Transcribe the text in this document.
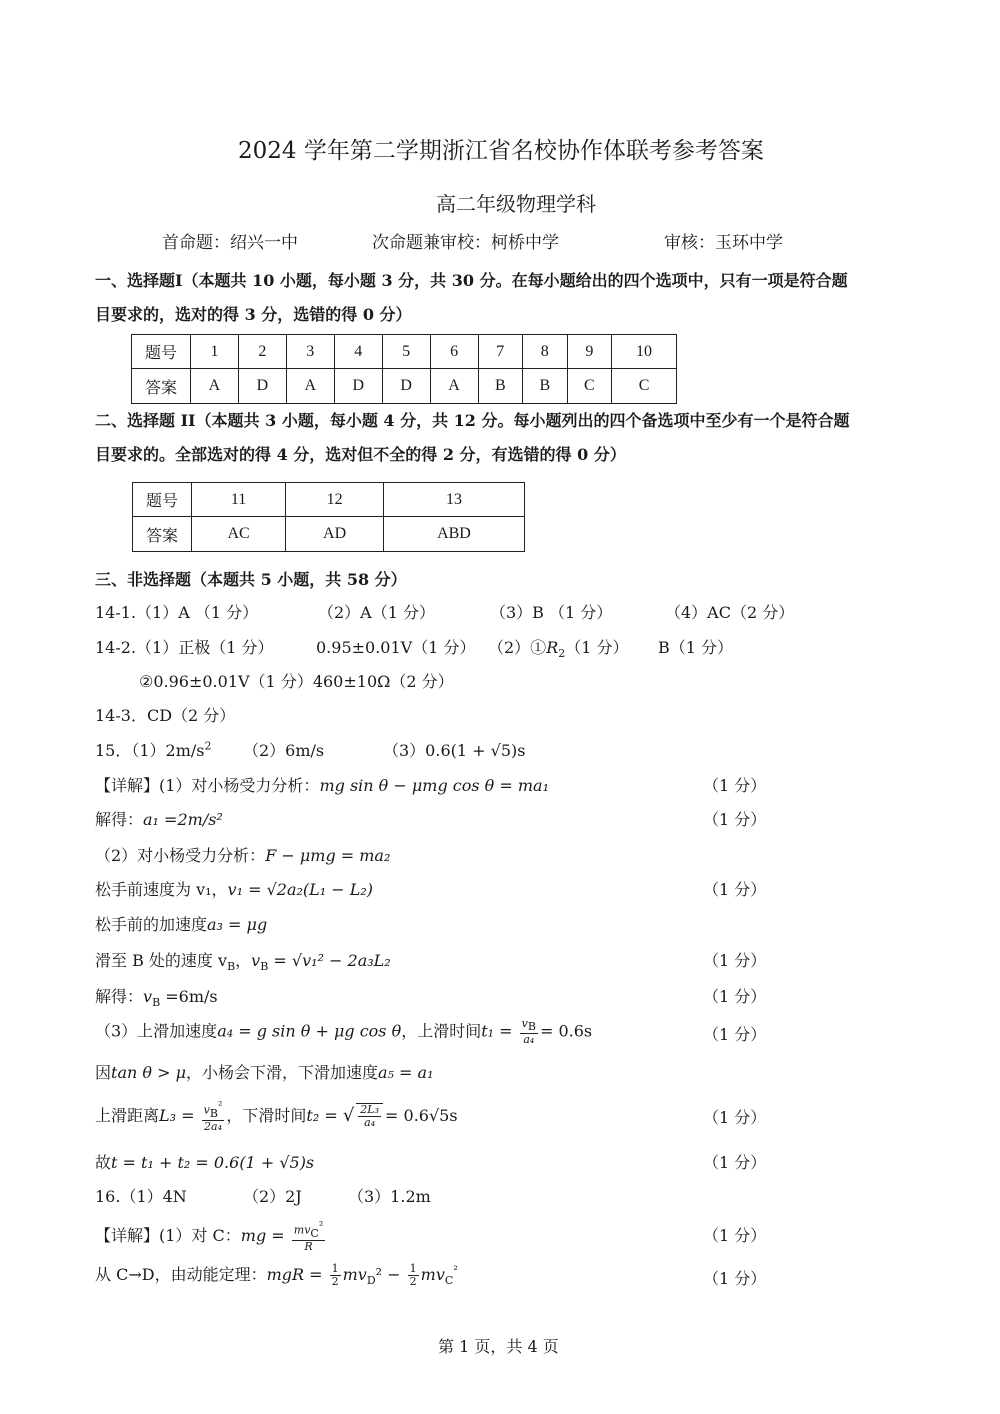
2024 学年第二学期浙江省名校协作体联考参考答案
高二年级物理学科
首命题：绍兴一中	次命题兼审校：柯桥中学	审核：玉环中学
一、选择题I（本题共 10 小题，每小题 3 分，共 30 分。在每小题给出的四个选项中，只有一项是符合题
目要求的，选对的得 3 分，选错的得 0 分）
题号	1	2	3	4	5	6	7	8	9	10
答案	A	D	A	D	D	A	B	B	C	C
二、选择题 II（本题共 3 小题，每小题 4 分，共 12 分。每小题列出的四个备选项中至少有一个是符合题
目要求的。全部选对的得 4 分，选对但不全的得 2 分，有选错的得 0 分）
题号	11	12	13
答案	AC	AD	ABD
三、非选择题（本题共 5 小题，共 58 分）
14-1.（1）A （1 分）	（2）A（1 分）	（3）B （1 分）	（4）AC（2 分）
14-2.（1）正极（1 分）	0.95±0.01V（1 分） $(2)①R_2(1$ 分） B（1 分）
②0.96±0.01V（1 分）460±10Ω（2 分）
14-3．CD（2 分）
15．$(1)2m/s^2$ （2）6m/s	（3）0.6(1 + √5)s
【详解】(1）对小杨受力分析：mg sin θ − μmg cos θ = ma₁	（1 分）
解得：a₁ =2m/s²	（1 分）
（2）对小杨受力分析：F − μmg = ma₂
松手前速度为 v₁，v₁ = √2a₂(L₁ − L₂)	（1 分）
松手前的加速度a₃ = μg
滑至 B 处的速度 $v_B$，$v_B = √v_1^2 - 2a_3L_2$	（1 分）
解得：$v_B =6m/s$	（1 分）
（3）上滑加速度a₄ = g sin θ + μg cos θ，上滑时间$t_1 = \frac{v_B}{\text{a₄}} = 0.6s$	（1 分）
因tan θ > μ，小杨会下滑，下滑加速度a₅ = a₁
上滑距离$L_3 = \frac{v_B^{^2}}{\text{2a₄}}$ ，下滑时间t₂ = √ $\frac{\text{2L₃}}{\text{a₄}} = 0.6√5s$	（1 分）
故t = t₁ + t₂ = 0.6(1 + √5)s	（1 分）
16.（1）4N	（2）2J	（3）1.2m
【详解】(1）对 C：mg = $\frac{mv_C^{^2}}{R}$	（1 分）
从 C→D，由动能定理：mgR = $\frac{1}{2} mv_D^2 - \frac{1}{2} mv_C^{^2}$	（1 分）
第 1 页，共 4 页
